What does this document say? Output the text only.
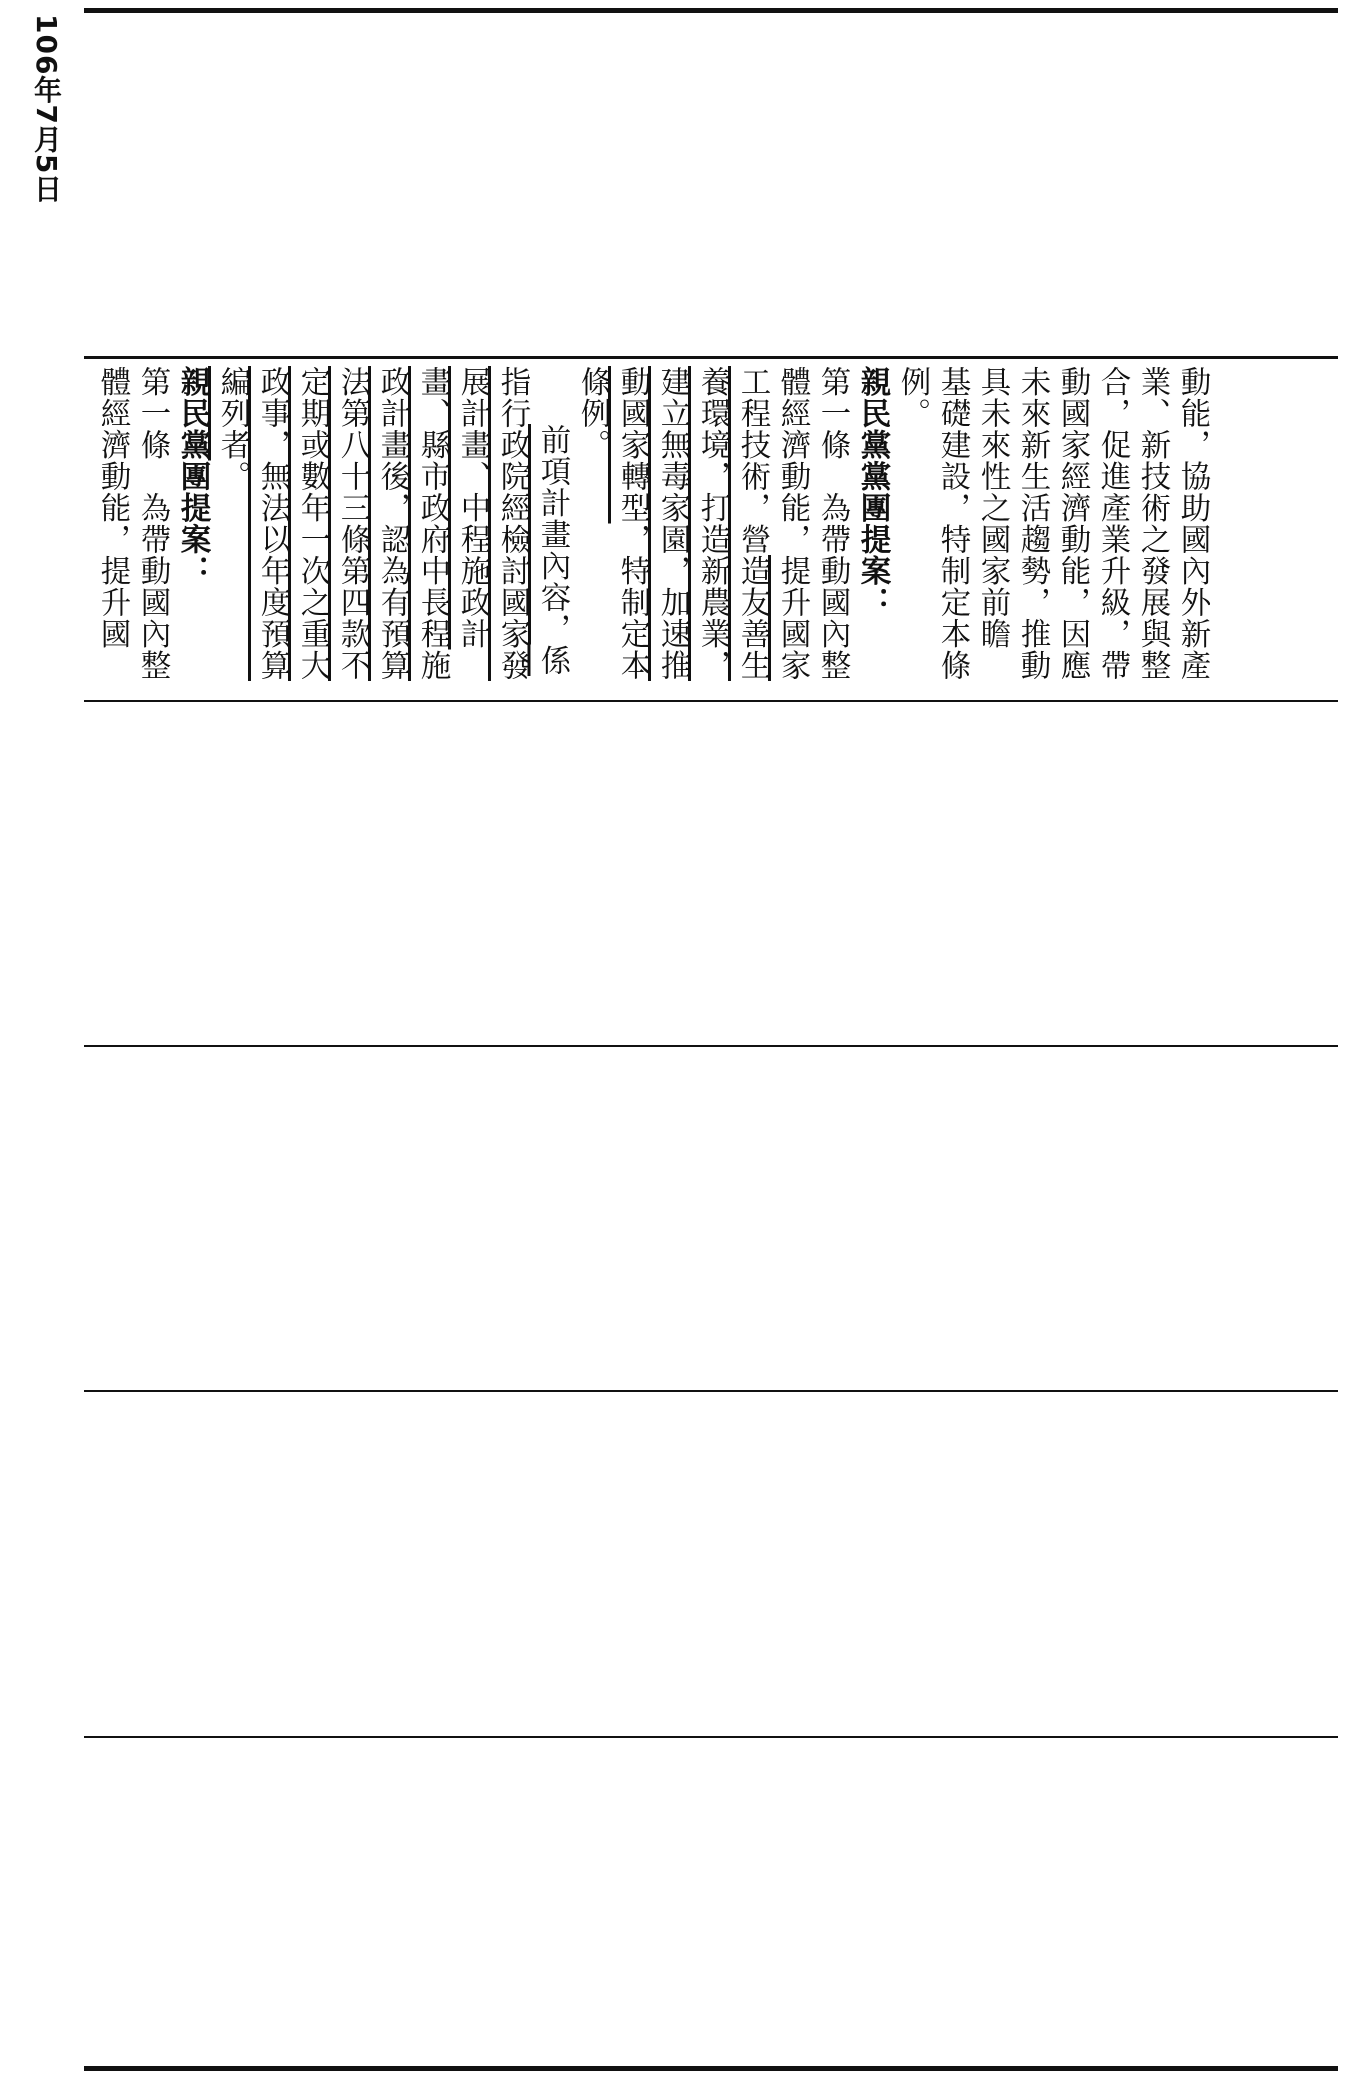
106年7月5日

動能，協助國內外新產

業、新技術之發展與整

合，促進產業升級，帶

動國家經濟動能，因應

未來新生活趨勢，推動

具未來性之國家前瞻

基礎建設，特制定本條

例。

親民黨黨團提案：

第一條　為帶動國內整體經濟動能，提升國家工程技術，營造友善生養環境，打造新農業，建立無毒家園，加速推動國家轉型，特制定本條例。

前項計畫內容，係指行政院經檢討國家發展計畫、中程施政計畫、縣市政府中長程施政計畫後，認為有預算法第八十三條第四款不定期或數年一次之重大政事，無法以年度預算編列者。

親民黨團提案：

第一條　為帶動國內整

體經濟動能，提升國
